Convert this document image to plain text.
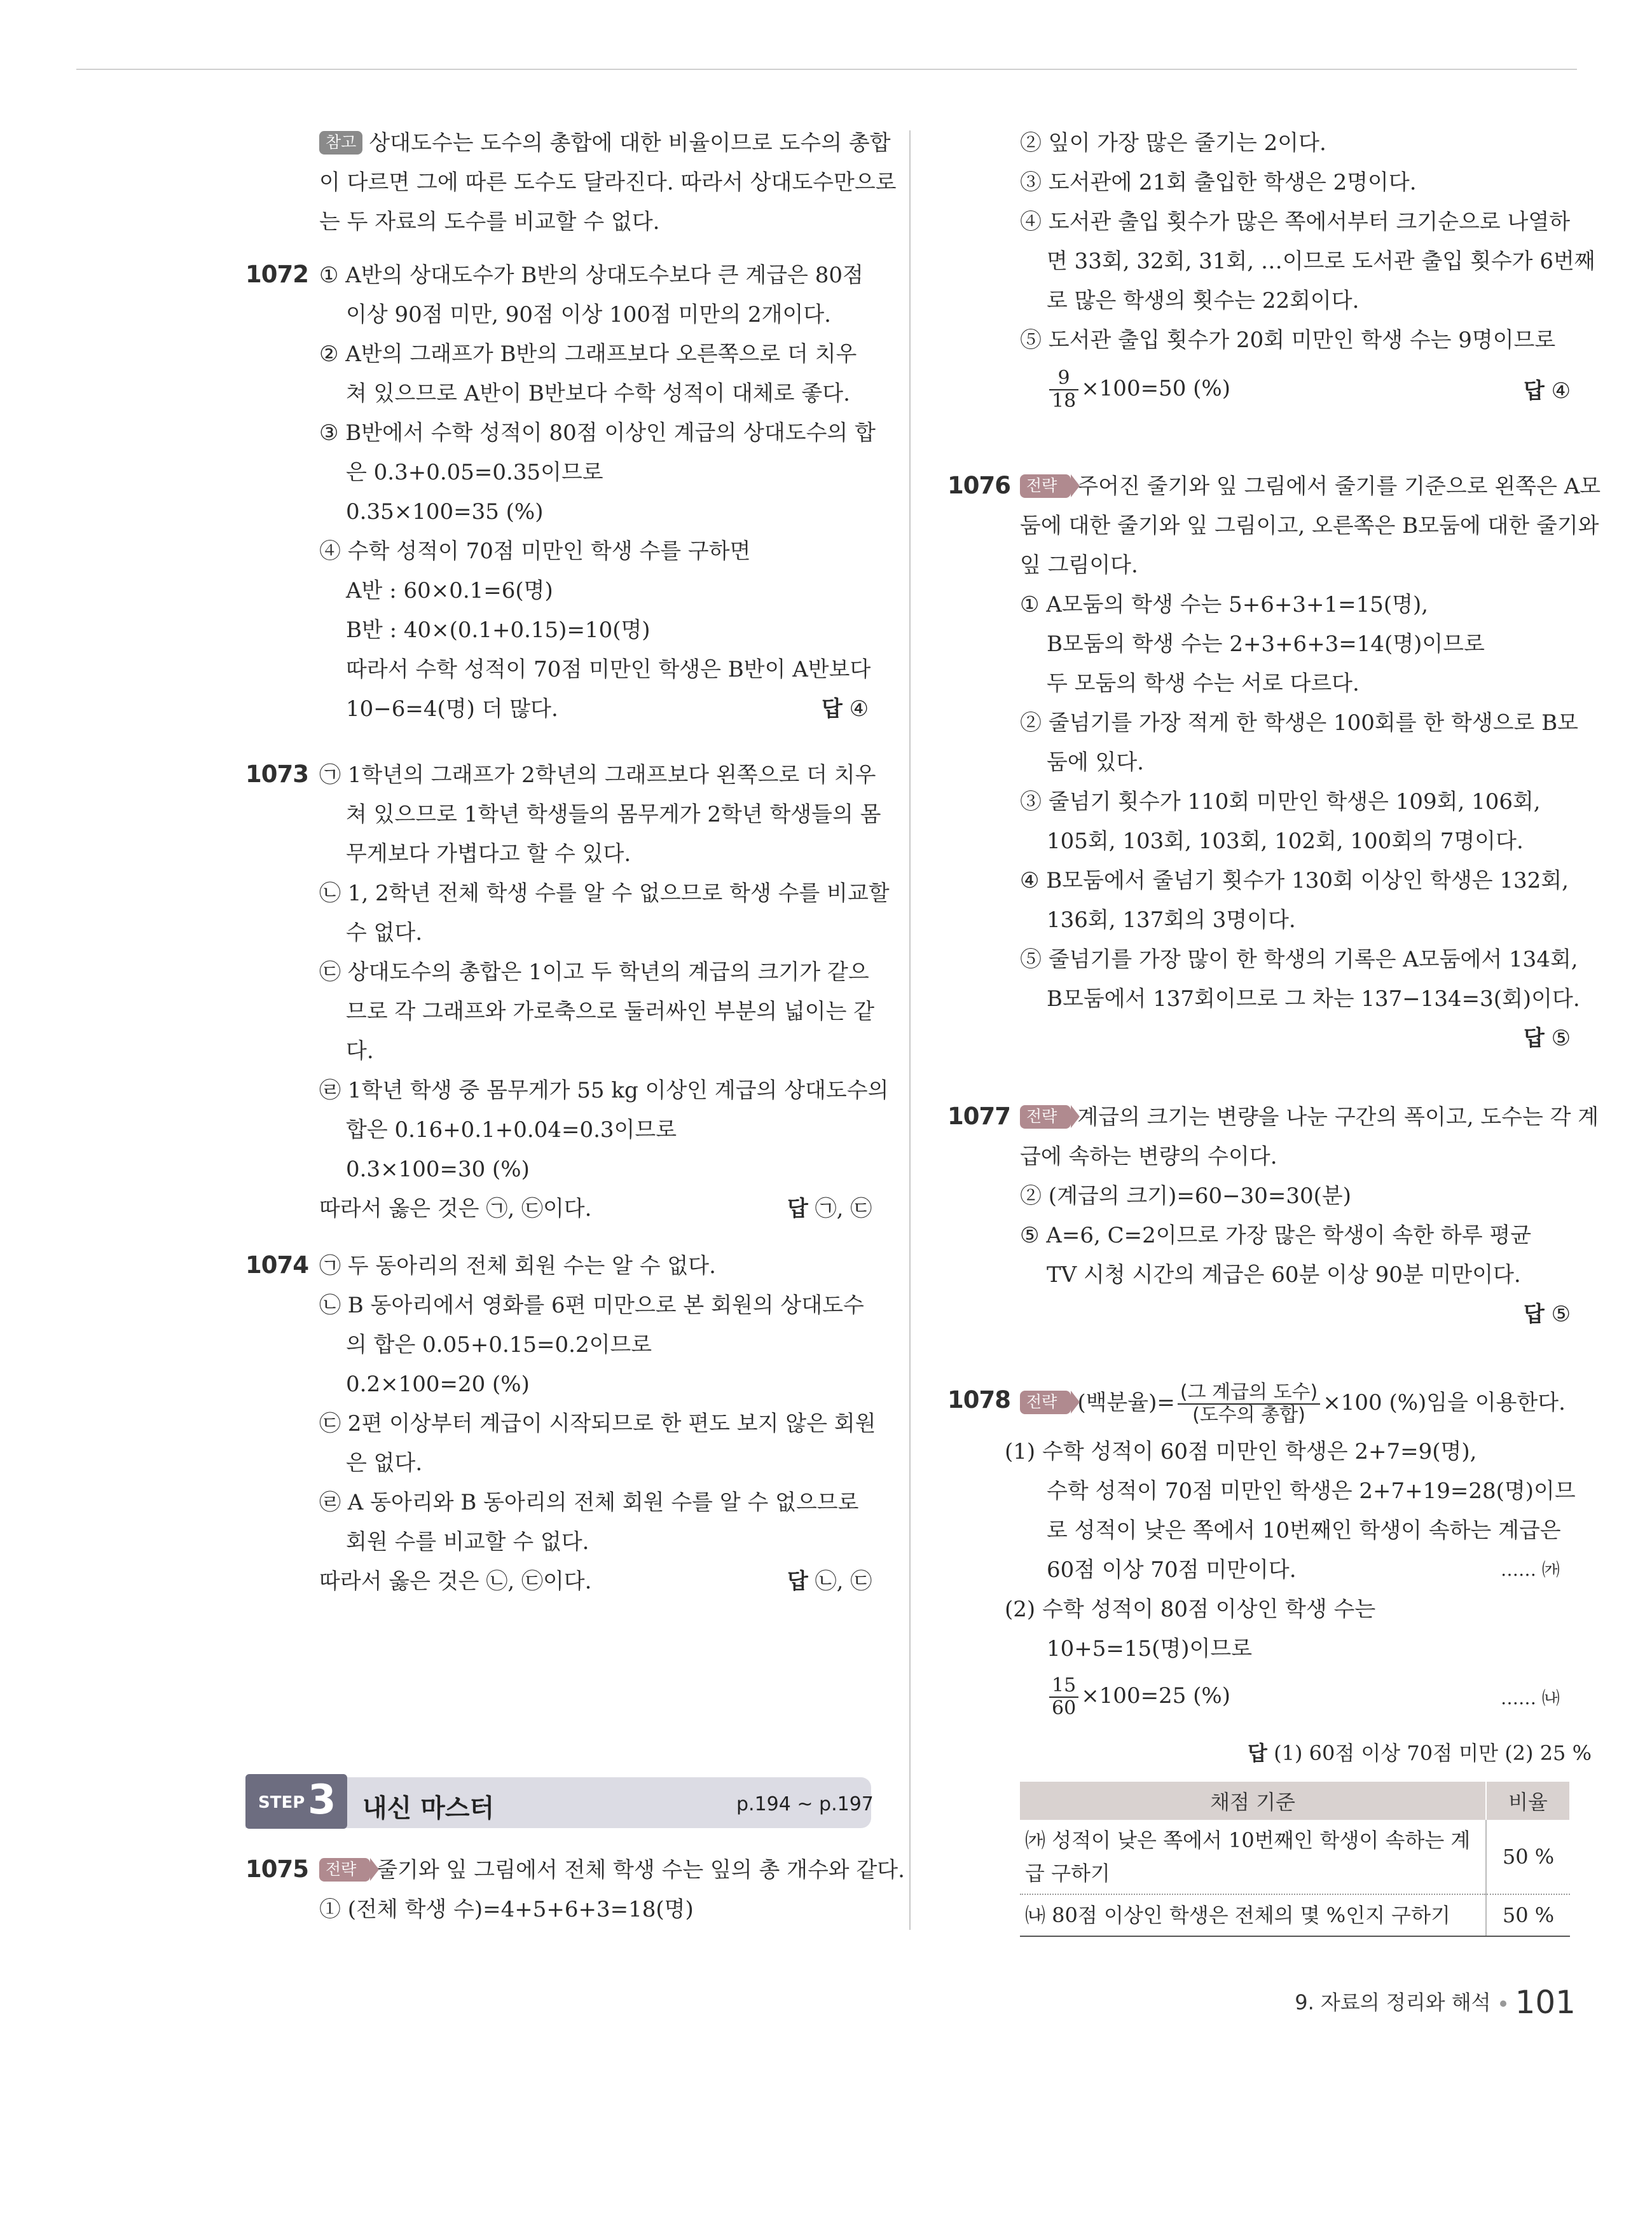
참고 상대도수는 도수의 총합에 대한 비율이므로 도수의 총합
이 다르면 그에 따른 도수도 달라진다. 따라서 상대도수만으로
는 두 자료의 도수를 비교할 수 없다.
1072 ① A반의 상대도수가 B반의 상대도수보다 큰 계급은 80점
이상 90점 미만, 90점 이상 100점 미만의 2개이다.
② A반의 그래프가 B반의 그래프보다 오른쪽으로 더 치우
쳐 있으므로 A반이 B반보다 수학 성적이 대체로 좋다.
③ B반에서 수학 성적이 80점 이상인 계급의 상대도수의 합
은 0.3+0.05=0.35이므로
0.35×100=35 (%)
④ 수학 성적이 70점 미만인 학생 수를 구하면
A반 : 60×0.1=6(명)
B반 : 40×(0.1+0.15)=10(명)
따라서 수학 성적이 70점 미만인 학생은 B반이 A반보다
10−6=4(명) 더 많다.	답 ④
1073 ㉠ 1학년의 그래프가 2학년의 그래프보다 왼쪽으로 더 치우
쳐 있으므로 1학년 학생들의 몸무게가 2학년 학생들의 몸
무게보다 가볍다고 할 수 있다.
㉡ 1, 2학년 전체 학생 수를 알 수 없으므로 학생 수를 비교할
수 없다.
㉢ 상대도수의 총합은 1이고 두 학년의 계급의 크기가 같으
므로 각 그래프와 가로축으로 둘러싸인 부분의 넓이는 같
다.
㉣ 1학년 학생 중 몸무게가 55 kg 이상인 계급의 상대도수의
합은 0.16+0.1+0.04=0.3이므로
0.3×100=30 (%)
따라서 옳은 것은 ㉠, ㉢이다.	답 ㉠, ㉢
1074 ㉠ 두 동아리의 전체 회원 수는 알 수 없다.
㉡ B 동아리에서 영화를 6편 미만으로 본 회원의 상대도수
의 합은 0.05+0.15=0.2이므로
0.2×100=20 (%)
㉢ 2편 이상부터 계급이 시작되므로 한 편도 보지 않은 회원
은 없다.
㉣ A 동아리와 B 동아리의 전체 회원 수를 알 수 없으므로
회원 수를 비교할 수 없다.
따라서 옳은 것은 ㉡, ㉢이다.	답 ㉡, ㉢
STEP 3 내신 마스터	p.194 ~ p.197
1075	전략 줄기와 잎 그림에서 전체 학생 수는 잎의 총 개수와 같다.
① (전체 학생 수)=4+5+6+3=18(명)
② 잎이 가장 많은 줄기는 2이다.
③ 도서관에 21회 출입한 학생은 2명이다.
④ 도서관 출입 횟수가 많은 쪽에서부터 크기순으로 나열하
면 33회, 32회, 31회, …이므로 도서관 출입 횟수가 6번째
로 많은 학생의 횟수는 22회이다.
⑤ 도서관 출입 횟수가 20회 미만인 학생 수는 9명이므로
$\frac{9}{18} \times 100=50$ (%)	답 ④
1076	전략 주어진 줄기와 잎 그림에서 줄기를 기준으로 왼쪽은 A모
둠에 대한 줄기와 잎 그림이고, 오른쪽은 B모둠에 대한 줄기와
잎 그림이다.
① A모둠의 학생 수는 5+6+3+1=15(명),
B모둠의 학생 수는 2+3+6+3=14(명)이므로
두 모둠의 학생 수는 서로 다르다.
② 줄넘기를 가장 적게 한 학생은 100회를 한 학생으로 B모
둠에 있다.
③ 줄넘기 횟수가 110회 미만인 학생은 109회, 106회,
105회, 103회, 103회, 102회, 100회의 7명이다.
④ B모둠에서 줄넘기 횟수가 130회 이상인 학생은 132회,
136회, 137회의 3명이다.
⑤ 줄넘기를 가장 많이 한 학생의 기록은 A모둠에서 134회,
B모둠에서 137회이므로 그 차는 137−134=3(회)이다.
답 ⑤
1077	전략 계급의 크기는 변량을 나눈 구간의 폭이고, 도수는 각 계
급에 속하는 변량의 수이다.
② (계급의 크기)=60−30=30(분)
⑤ A=6, C=2이므로 가장 많은 학생이 속한 하루 평균
TV 시청 시간의 계급은 60분 이상 90분 미만이다.
답 ⑤
1078	전략 (백분율)= $\frac{\text{(그 계급의 도수)}}{\text{(도수의 총합)}} \times 100$ (%)임을 이용한다.
(1) 수학 성적이 60점 미만인 학생은 2+7=9(명),
수학 성적이 70점 미만인 학생은 2+7+19=28(명)이므
로 성적이 낮은 쪽에서 10번째인 학생이 속하는 계급은
60점 이상 70점 미만이다.	…… ㈎
(2) 수학 성적이 80점 이상인 학생 수는
10+5=15(명)이므로
$\frac{15}{60} \times 100=25$ (%)	…… ㈏
답 (1) 60점 이상 70점 미만 (2) 25 %
채점 기준	비율
㈎ 성적이 낮은 쪽에서 10번째인 학생이 속하는 계급 구하기	50 %
㈏ 80점 이상인 학생은 전체의 몇 %인지 구하기	50 %
9. 자료의 정리와 해석 101
